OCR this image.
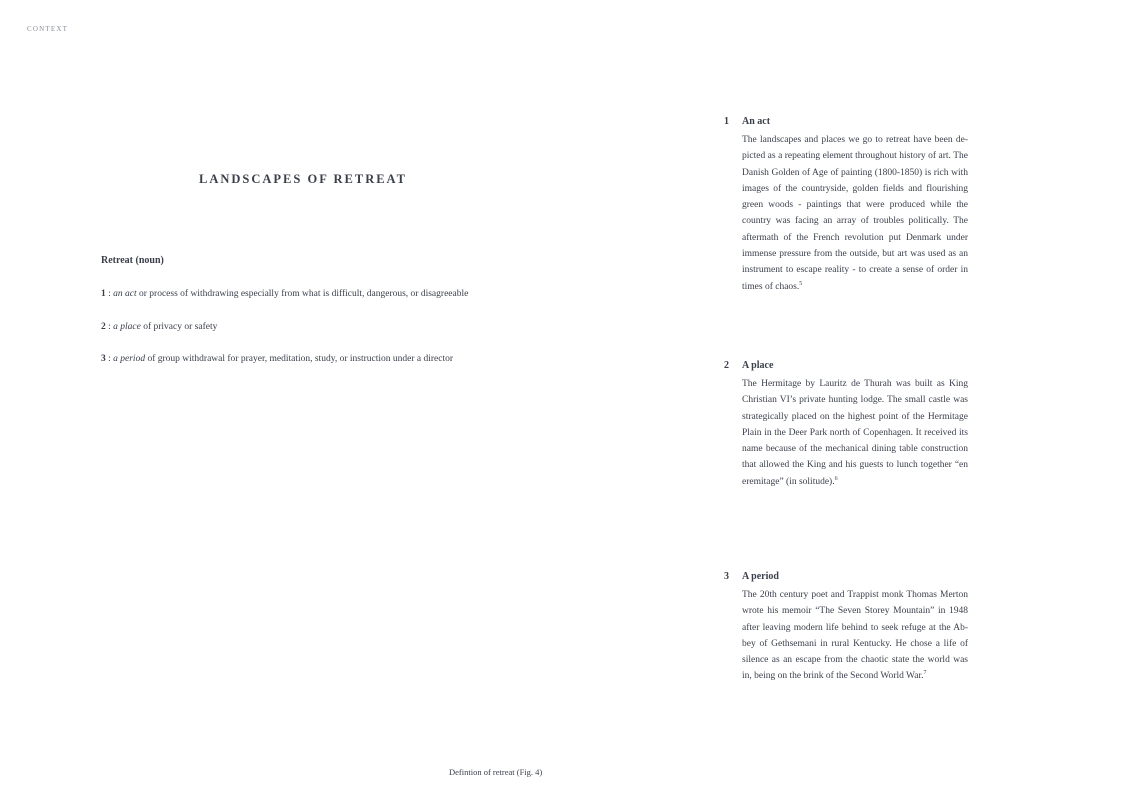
CONTEXT
LANDSCAPES OF RETREAT

Retreat (noun)

1 : an act or process of withdrawing especially from what is difficult, dangerous, or disagreeable
2 : a place of privacy or safety
3 : a period of group withdrawal for prayer, meditation, study, or instruction under a director
1 An act

The landscapes and places we go to retreat have been depicted as a repeating element throughout history of art. The Danish Golden of Age of painting (1800-1850) is rich with images of the countryside, golden fields and flourishing green woods - paintings that were produced while the country was facing an array of troubles politically. The aftermath of the French revolution put Denmark under immense pressure from the outside, but art was used as an instrument to escape reality - to create a sense of order in times of chaos.$^5$

2 A place

The Hermitage by Lauritz de Thurah was built as King Christian VI’s private hunting lodge. The small castle was strategically placed on the highest point of the Hermitage Plain in the Deer Park north of Copenhagen. It received its name because of the mechanical dining table construction that allowed the King and his guests to lunch together “en eremitage” (in solitude).$^6$

3 A period

The 20th century poet and Trappist monk Thomas Merton wrote his memoir “The Seven Storey Mountain” in 1948 after leaving modern life behind to seek refuge at the Abbey of Gethsemani in rural Kentucky. He chose a life of silence as an escape from the chaotic state the world was in, being on the brink of the Second World War.$^7$

Defintion of retreat (Fig. 4)
